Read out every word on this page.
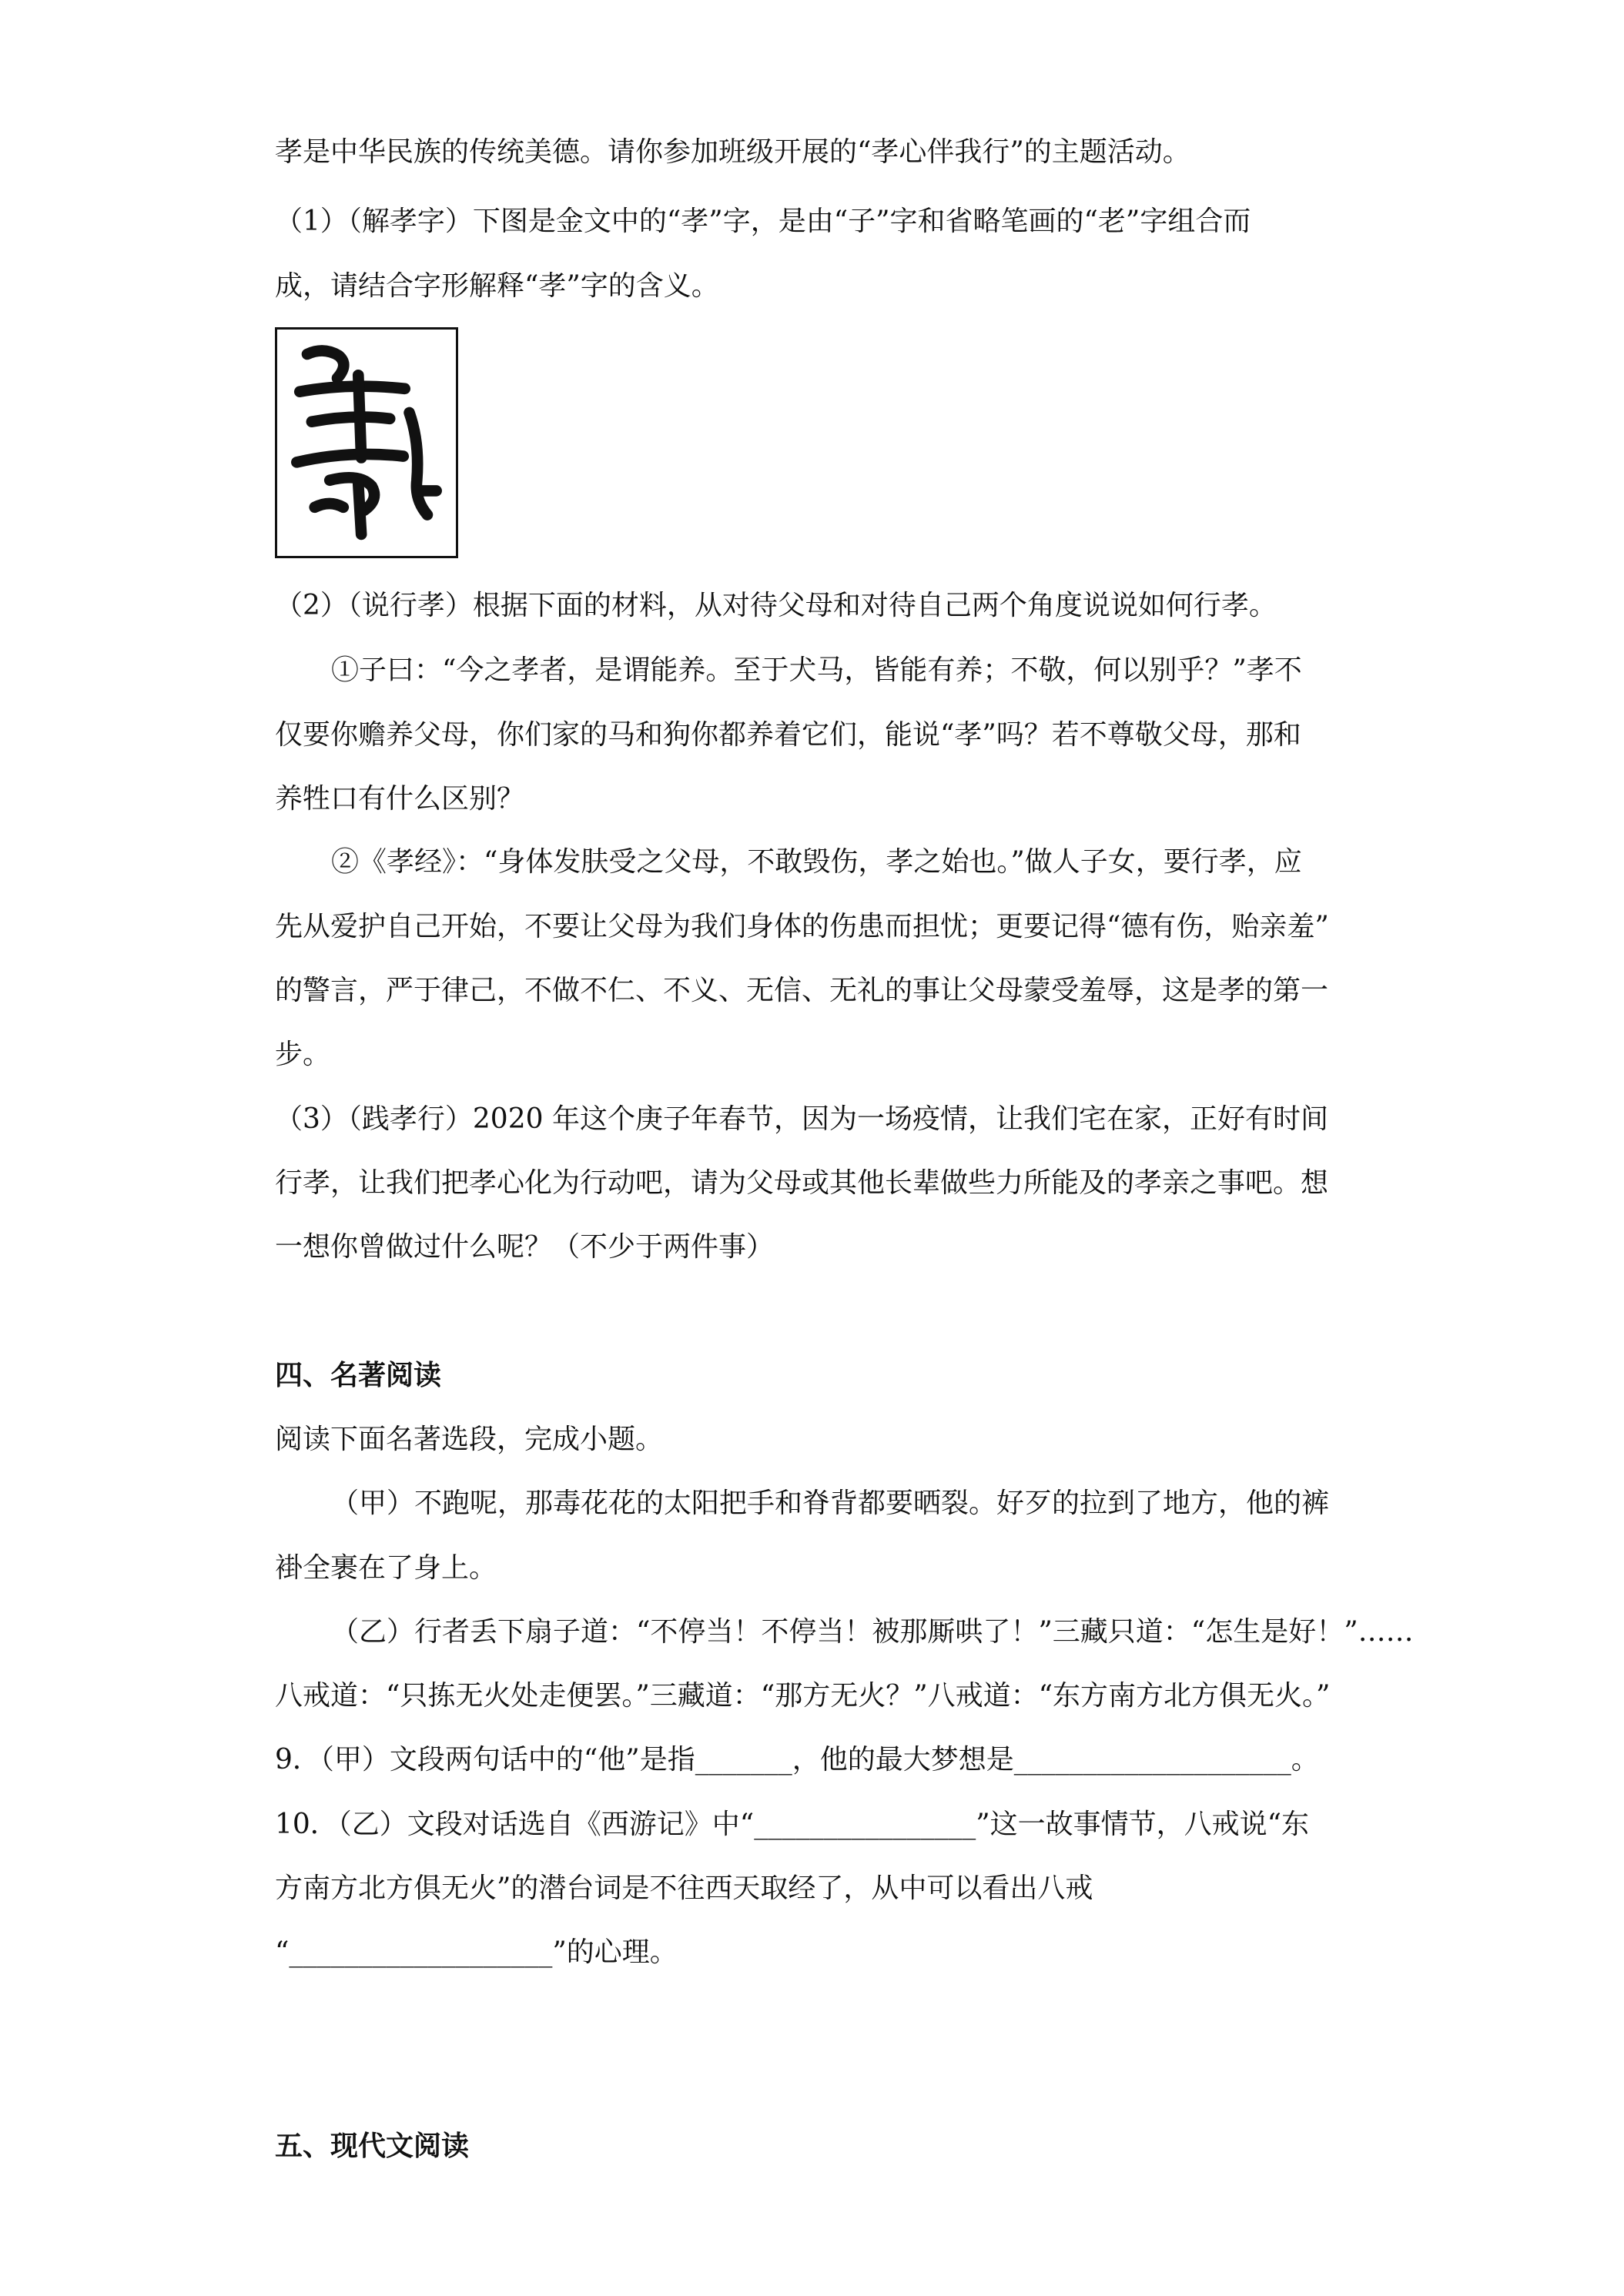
孝是中华民族的传统美德。请你参加班级开展的“孝心伴我行”的主题活动。
（1）（解孝字）下图是金文中的“孝”字，是由“子”字和省略笔画的“老”字组合而
成，请结合字形解释“孝”字的含义。
（2）（说行孝）根据下面的材料，从对待父母和对待自己两个角度说说如何行孝。
①子曰：“今之孝者，是谓能养。至于犬马，皆能有养；不敬，何以别乎？”孝不
仅要你赡养父母，你们家的马和狗你都养着它们，能说“孝”吗？若不尊敬父母，那和
养牲口有什么区别？
②《孝经》：“身体发肤受之父母，不敢毁伤，孝之始也。”做人子女，要行孝，应
先从爱护自己开始，不要让父母为我们身体的伤患而担忧；更要记得“德有伤，贻亲羞”
的警言，严于律己，不做不仁、不义、无信、无礼的事让父母蒙受羞辱，这是孝的第一
步。
（3）（践孝行）2020 年这个庚子年春节，因为一场疫情，让我们宅在家，正好有时间
行孝，让我们把孝心化为行动吧，请为父母或其他长辈做些力所能及的孝亲之事吧。想
一想你曾做过什么呢？（不少于两件事）
四、名著阅读
阅读下面名著选段，完成小题。
（甲）不跑呢，那毒花花的太阳把手和脊背都要晒裂。好歹的拉到了地方，他的裤
褂全裹在了身上。
（乙）行者丢下扇子道：“不停当！不停当！被那厮哄了！”三藏只道：“怎生是好！”……
八戒道：“只拣无火处走便罢。”三藏道：“那方无火？”八戒道：“东方南方北方俱无火。”
9．（甲）文段两句话中的“他”是指_______，他的最大梦想是____________________。
10．（乙）文段对话选自《西游记》中“________________”这一故事情节，八戒说“东
方南方北方俱无火”的潜台词是不往西天取经了，从中可以看出八戒
“___________________”的心理。
五、现代文阅读
